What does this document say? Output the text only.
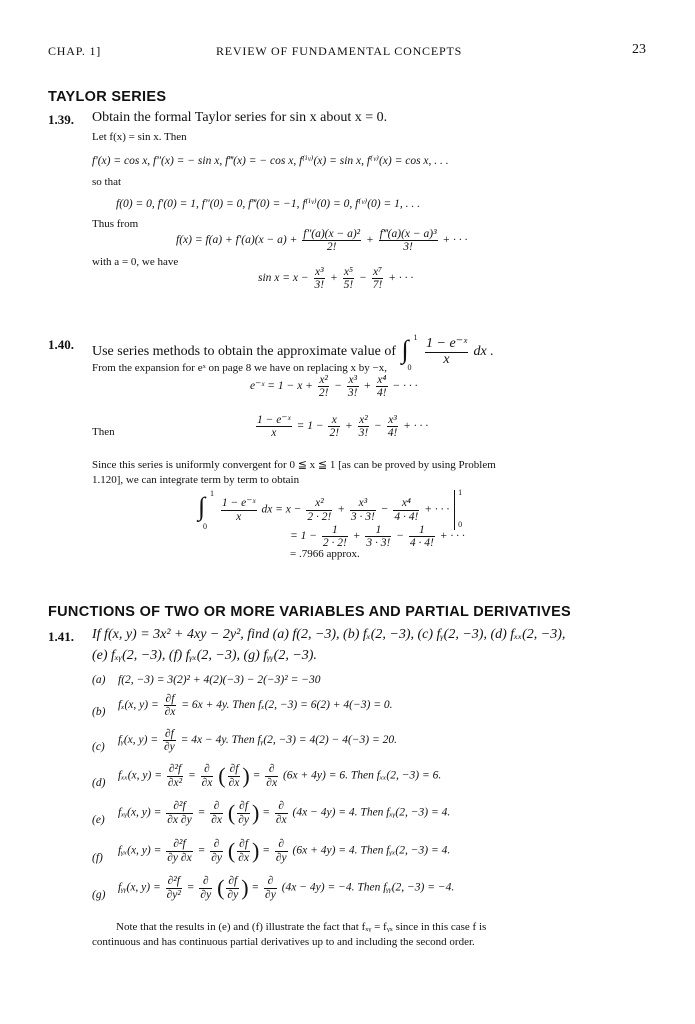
CHAP. 1]	REVIEW OF FUNDAMENTAL CONCEPTS	23
TAYLOR SERIES
1.39. Obtain the formal Taylor series for sin x about x = 0.
Let f(x) = sin x. Then
f′(x) = cos x, f″(x) = − sin x, f‴(x) = − cos x, f⁽ⁱᵛ⁾(x) = sin x, f⁽ᵛ⁾(x) = cos x, . . .
so that
f(0) = 0, f′(0) = 1, f″(0) = 0, f‴(0) = −1, f⁽ⁱᵛ⁾(0) = 0, f⁽ᵛ⁾(0) = 1, . . .
Thus from
$f(x) = f(a) + f'(a)(x - a) + \frac{\text{f″(a)(x − a)²}}{2!} + \frac{\text{f‴(a)(x − a)³}}{3!}$ + · · ·
with a = 0, we have
$\sin x = x - \frac{\text{x³}}{3!} + \frac{\text{x⁵}}{5!} - \frac{\text{x⁷}}{7!}$ + · · ·
1.40. Use series methods to obtain the approximate value of ∫ 1
0

$\frac{\text{1 − e⁻ˣ}}{x}$ dx .
From the expansion for eˣ on page 8 we have on replacing x by −x,
e⁻ˣ = $1 - x + \frac{\text{x²}}{2!} - \frac{\text{x³}}{3!} + \frac{\text{x⁴}}{4!}$ − · · ·
Then	$\frac{\text{1 − e⁻ˣ}}{x} = 1 - \frac{x}{2!} + \frac{\text{x²}}{3!} - \frac{\text{x³}}{4!}$ + · · ·
Since this series is uniformly convergent for 0 ≦ x ≦ 1 [as can be proved by using Problem
1.120], we can integrate term by term to obtain
∫ 1
0

$\frac{\text{1 − e⁻ˣ}}{x}$ dx = $x - \frac{\text{x²}}{2 \cdot 2!} + \frac{\text{x³}}{3 \cdot 3!} - \frac{\text{x⁴}}{4 \cdot 4!}$ + · · ·
1
0
= $1 - \frac{1}{2 \cdot 2!} + \frac{1}{3 \cdot 3!} - \frac{1}{4 \cdot 4!}$ + · · ·
= .7966 approx.
FUNCTIONS OF TWO OR MORE VARIABLES AND PARTIAL DERIVATIVES
1.41. If f(x, y) = 3x² + 4xy − 2y², find (a) f(2, −3), (b) fₓ(2, −3), (c) fᵧ(2, −3), (d) fₓₓ(2, −3),
(e) fₓᵧ(2, −3), (f) fᵧₓ(2, −3), (g) fᵧᵧ(2, −3).
(a) f(2, −3) = 3(2)² + 4(2)(−3) − 2(−3)² = −30
(b)
fₓ(x, $y) = \frac{\partial f}{\partial x} = 6x + 4y$. Then fₓ(2, −3) = 6(2) + 4(−3) = 0.
(c)
fᵧ(x, $y) = \frac{\partial f}{\partial y} = 4x - 4y$. Then fᵧ(2, −3) = 4(2) − 4(−3) = 20.
(d)
fₓₓ(x, $y) = \frac{\text{∂²f}}{\text{∂x²}} = \frac{\partial}{\partial x}$ ( $\frac{\partial f}{\partial x}$ ) = $\frac{\partial}{\partial x} (6x + 4y) = 6$. Then fₓₓ(2, −3) = 6.
(e)
fₓᵧ(x, $y) = \frac{\text{∂²f}}{\partial x \partial y} = \frac{\partial}{\partial x}$ ( $\frac{\partial f}{\partial y}$ ) = $\frac{\partial}{\partial x} (4x - 4y) = 4$. Then fₓᵧ(2, −3) = 4.
(f)
fᵧₓ(x, $y) = \frac{\text{∂²f}}{\partial y \partial x} = \frac{\partial}{\partial y}$ ( $\frac{\partial f}{\partial x}$ ) = $\frac{\partial}{\partial y} (6x + 4y) = 4$. Then fᵧₓ(2, −3) = 4.
(g)
fᵧᵧ(x, $y) = \frac{\text{∂²f}}{\text{∂y²}} = \frac{\partial}{\partial y}$ ( $\frac{\partial f}{\partial y}$ ) = $\frac{\partial}{\partial y} (4x - 4y) = -4$. Then fᵧᵧ(2, −3) = −4.
Note that the results in (e) and (f) illustrate the fact that fₓᵧ = fᵧₓ since in this case f is
continuous and has continuous partial derivatives up to and including the second order.
